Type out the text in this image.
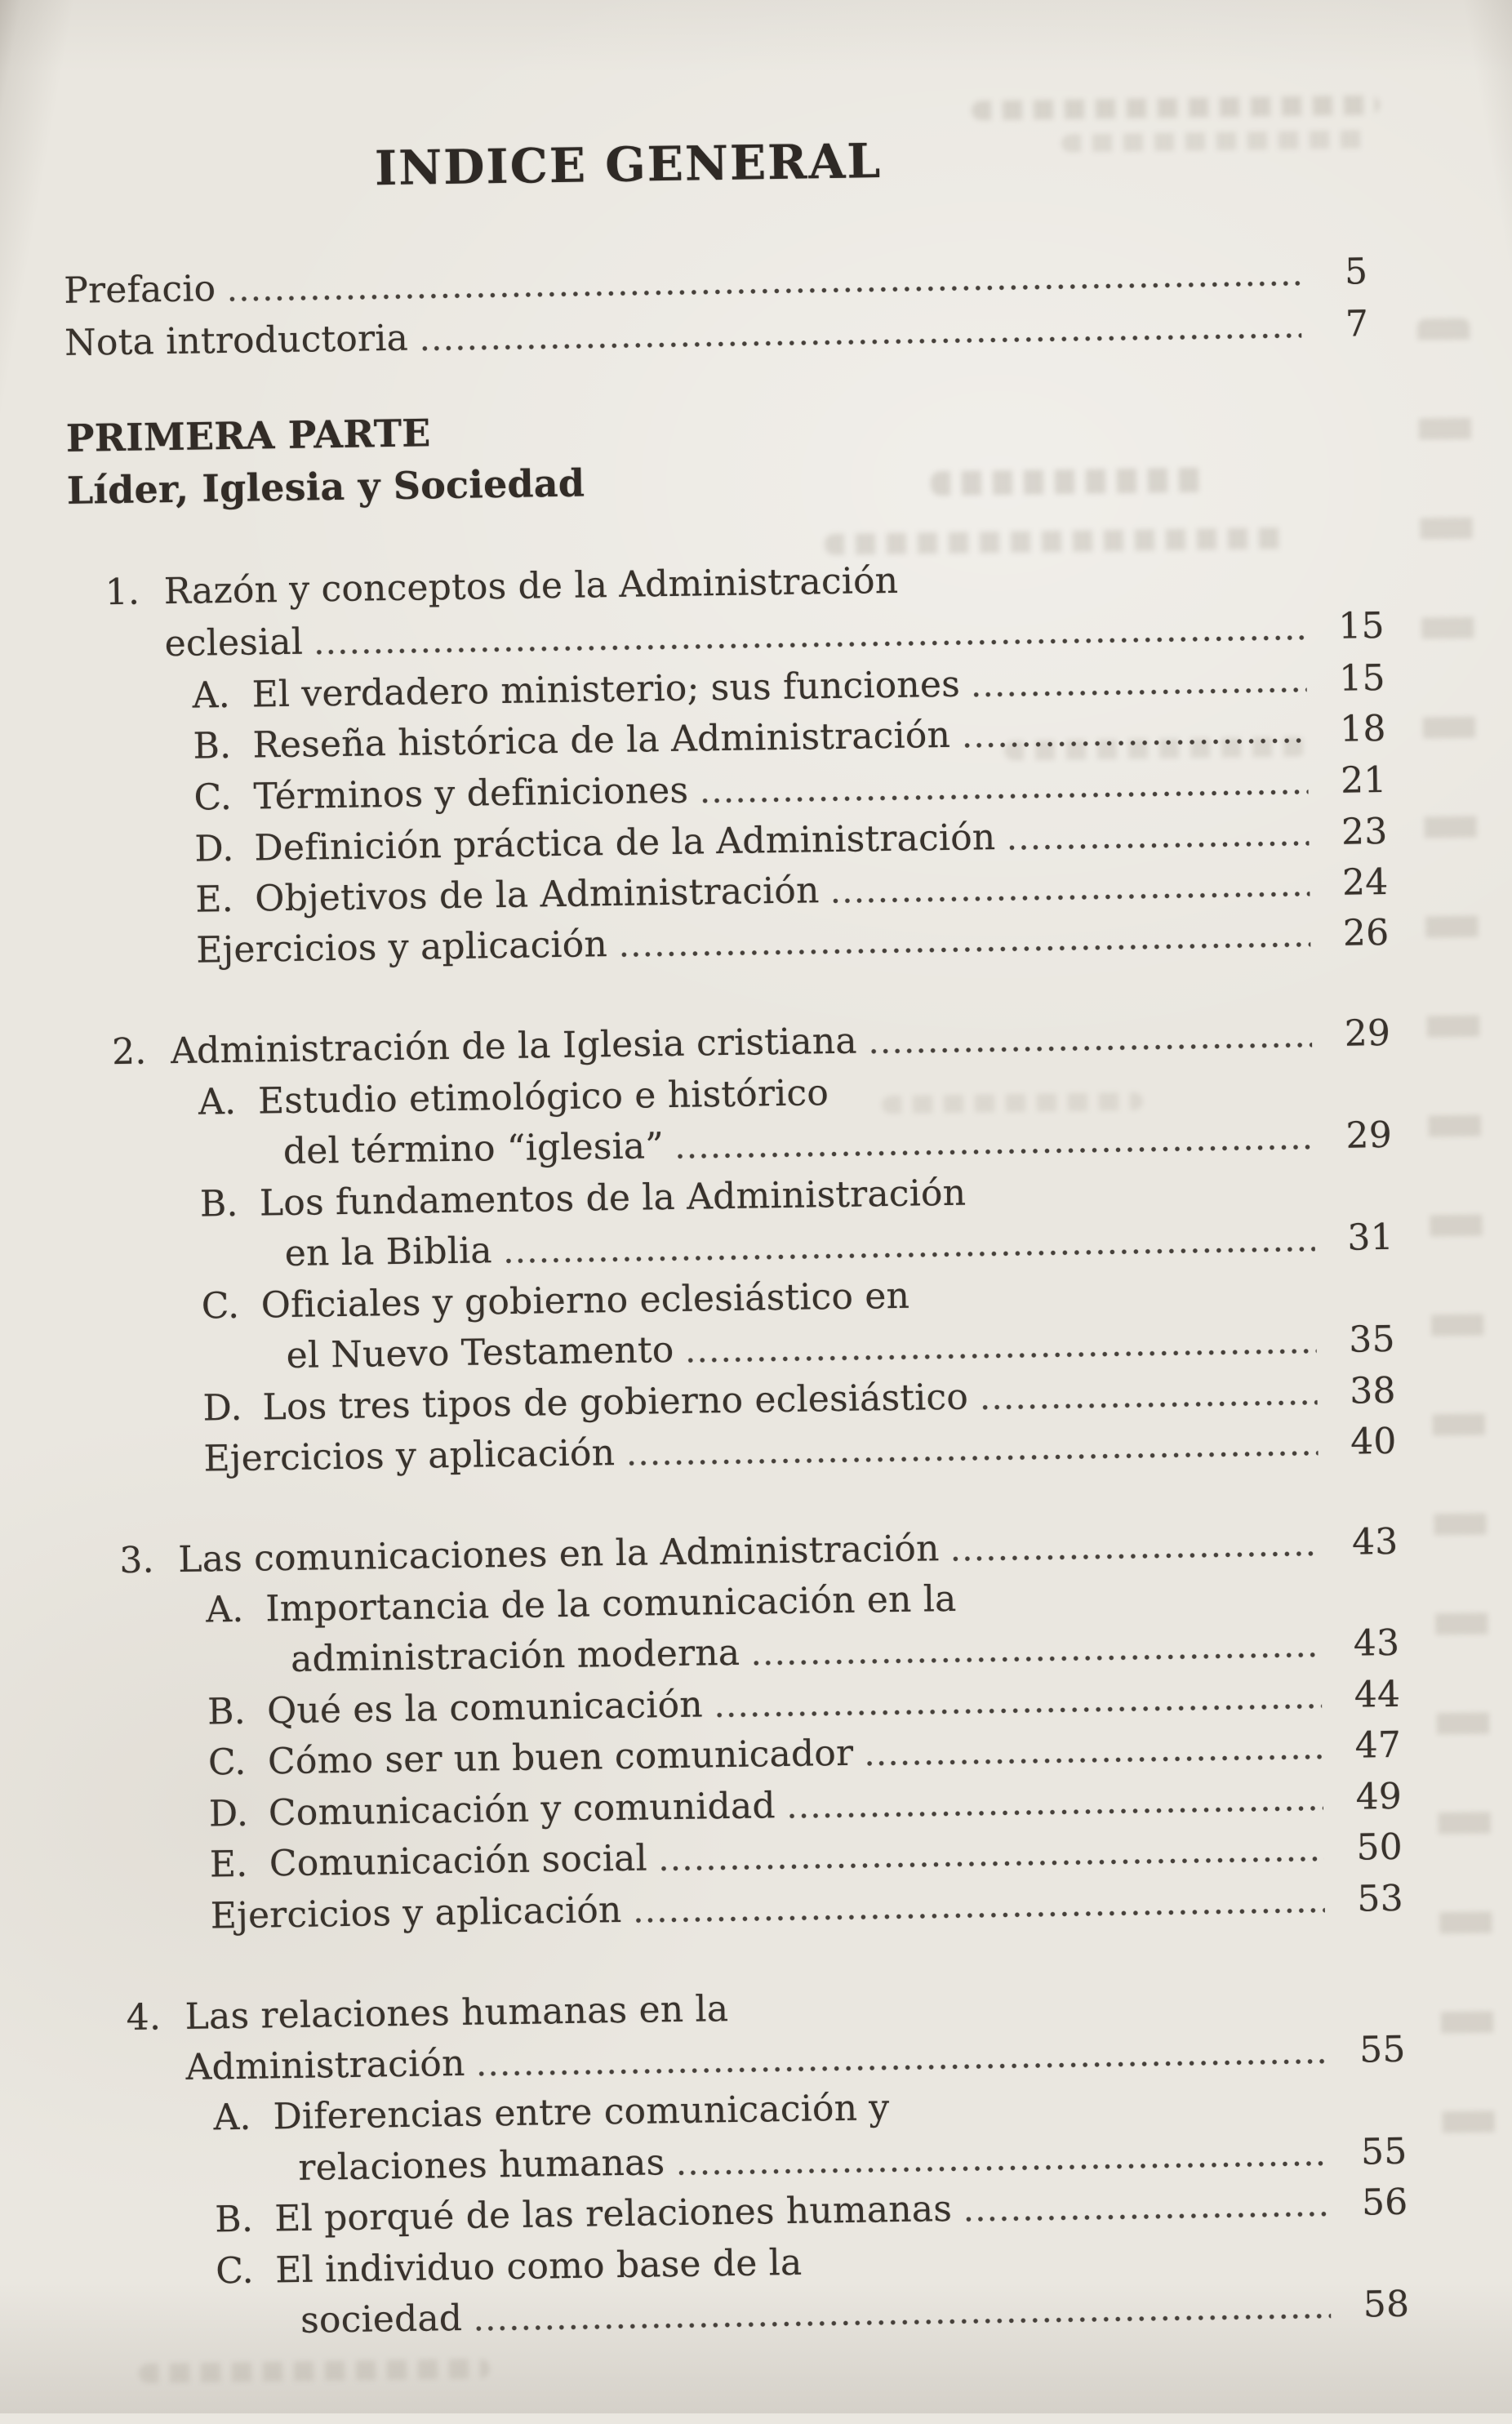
INDICE GENERAL
Prefacio	5
Nota introductoria	7
PRIMERA PARTE
Líder, Iglesia y Sociedad
1. Razón y conceptos de la Administración
eclesial	15
A. El verdadero ministerio; sus funciones	15
B. Reseña histórica de la Administración	18
C. Términos y definiciones	21
D. Definición práctica de la Administración	23
E. Objetivos de la Administración	24
Ejercicios y aplicación	26
2. Administración de la Iglesia cristiana	29
A. Estudio etimológico e histórico
del término “iglesia”	29
B. Los fundamentos de la Administración
en la Biblia	31
C. Oficiales y gobierno eclesiástico en
el Nuevo Testamento	35
D. Los tres tipos de gobierno eclesiástico	38
Ejercicios y aplicación	40
3. Las comunicaciones en la Administración	43
A. Importancia de la comunicación en la
administración moderna	43
B. Qué es la comunicación	44
C. Cómo ser un buen comunicador	47
D. Comunicación y comunidad	49
E. Comunicación social	50
Ejercicios y aplicación	53
4. Las relaciones humanas en la
Administración	55
A. Diferencias entre comunicación y
relaciones humanas	55
B. El porqué de las relaciones humanas	56
C. El individuo como base de la
sociedad	58
